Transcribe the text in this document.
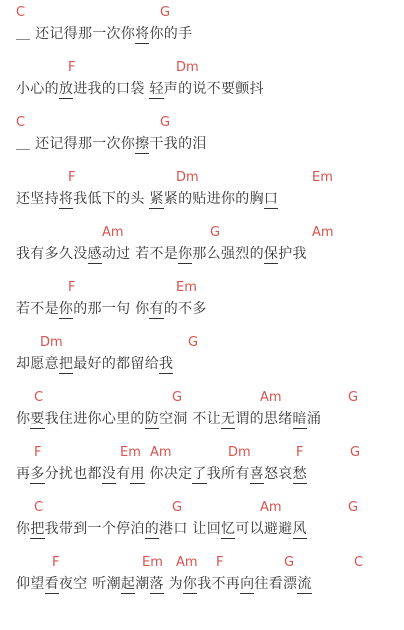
C	G
＿ 还记得那一次你将你的手
F	Dm
小心的放进我的口袋 轻声的说不要颤抖
C	G
＿ 还记得那一次你擦干我的泪
F	Dm	Em
还坚持将我低下的头 紧紧的贴进你的胸口
Am	G	Am
我有多久没感动过 若不是你那么强烈的保护我
F	Em
若不是你的那一句 你有的不多
Dm	G
却愿意把最好的都留给我
C	G	Am	G
你要我住进你心里的防空洞 不让无谓的思绪暗涌
F	Em Am	Dm	F	G
再多分扰也都没有用 你决定了我所有喜怒哀愁
C	G	Am	G
你把我带到一个停泊的港口 让回忆可以避避风
F	Em Am F	G	C
仰望看夜空 听潮起潮落 为你我不再向往看漂流
